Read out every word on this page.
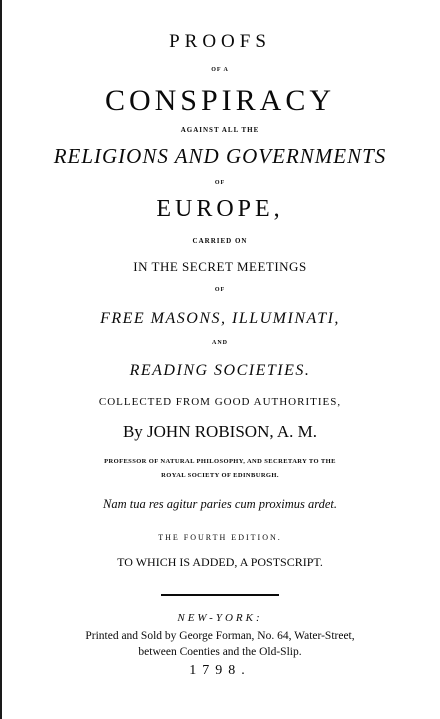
PROOFS
OF A
CONSPIRACY
AGAINST ALL THE
RELIGIONS AND GOVERNMENTS
OF
EUROPE,
CARRIED ON
IN THE SECRET MEETINGS
OF
FREE MASONS, ILLUMINATI,
AND
READING SOCIETIES.
COLLECTED FROM GOOD AUTHORITIES,
By JOHN ROBISON, A. M.
PROFESSOR OF NATURAL PHILOSOPHY, AND SECRETARY TO THE
ROYAL SOCIETY OF EDINBURGH.
Nam tua res agitur paries cum proximus ardet.
THE FOURTH EDITION.
TO WHICH IS ADDED, A POSTSCRIPT.
NEW-YORK:
Printed and Sold by George Forman, No. 64, Water-Street,
between Coenties and the Old-Slip.
1798.
